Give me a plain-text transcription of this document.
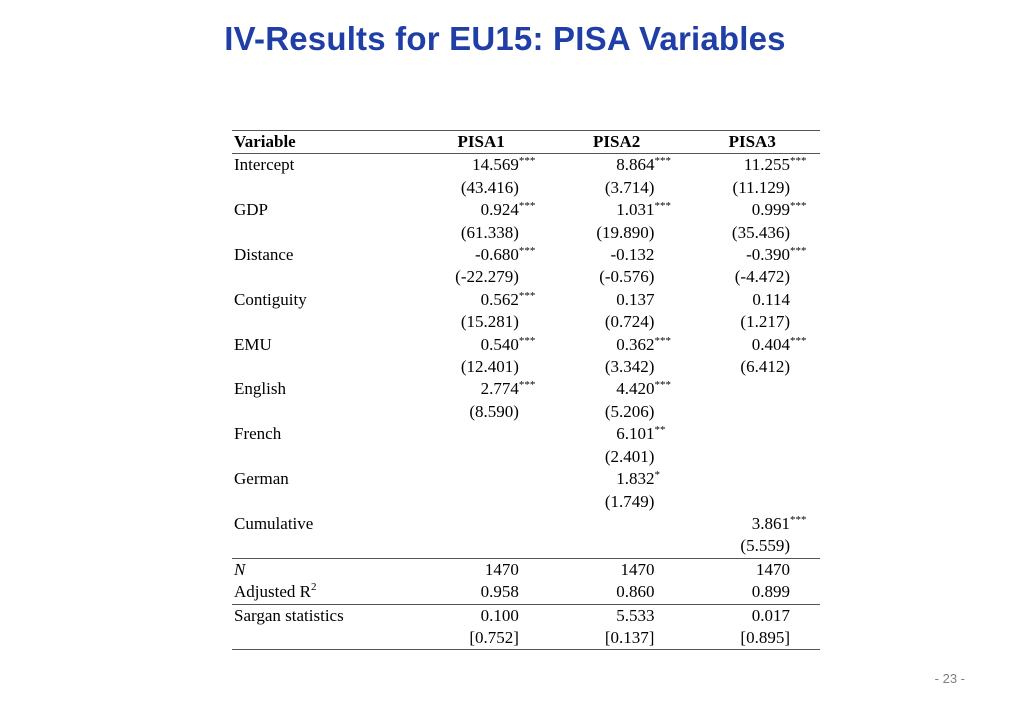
IV-Results for EU15: PISA Variables
Variable	PISA1	PISA2	PISA3
Intercept	14.569***	8.864***	11.255***
	(43.416)	(3.714)	(11.129)
GDP	0.924***	1.031***	0.999***
	(61.338)	(19.890)	(35.436)
Distance	-0.680***	-0.132	-0.390***
	(-22.279)	(-0.576)	(-4.472)
Contiguity	0.562***	0.137	0.114
	(15.281)	(0.724)	(1.217)
EMU	0.540***	0.362***	0.404***
	(12.401)	(3.342)	(6.412)
English	2.774***	4.420***	
	(8.590)	(5.206)	
French		6.101**	
		(2.401)	
German		1.832*	
		(1.749)	
Cumulative			3.861***
			(5.559)
N	1470	1470	1470
Adjusted $R^2$	0.958	0.860	0.899
Sargan statistics	0.100	5.533	0.017
	[0.752]	[0.137]	[0.895]
- 23 -
